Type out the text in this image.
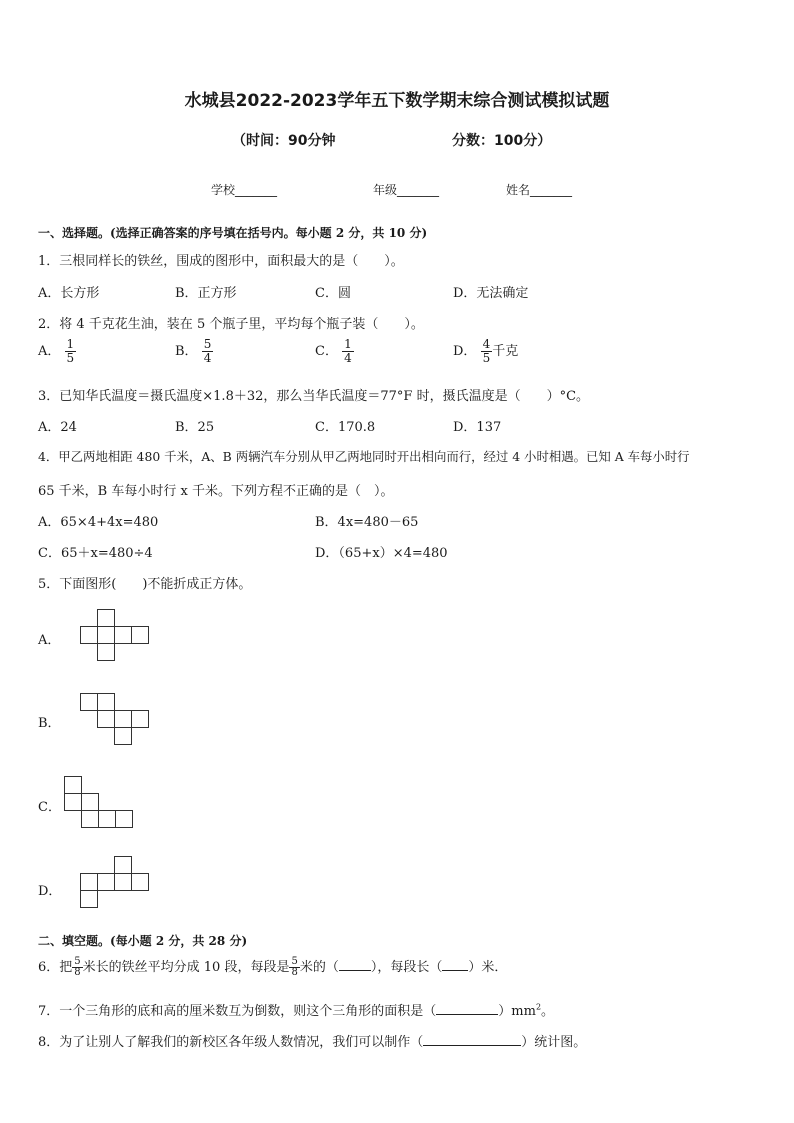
水城县2022-2023学年五下数学期末综合测试模拟试题
（时间：90分钟	分数：100分）
学校_______	年级_______	姓名_______
一、选择题。(选择正确答案的序号填在括号内。每小题 2 分，共 10 分)
1．三根同样长的铁丝，围成的图形中，面积最大的是（　　）。
A．长方形	B．正方形	C．圆	D．无法确定
2．将 4 千克花生油，装在 5 个瓶子里，平均每个瓶子装（　　）。
A． $\frac{1}{5}$	B． $\frac{5}{4}$	C． $\frac{1}{4}$	D． $\frac{4}{5}$ 千克
3．已知华氏温度＝摄氏温度×1.8＋32，那么当华氏温度＝77°F 时，摄氏温度是（　　）°C。
A．24	B．25	C．170.8	D．137
4．甲乙两地相距 480 千米，A、B 两辆汽车分别从甲乙两地同时开出相向而行，经过 4 小时相遇。已知 A 车每小时行
65 千米，B 车每小时行 x 千米。下列方程不正确的是（　）。
A．65×4+4x=480	B．4x=480－65
C．65＋x=480÷4	D．（65+x）×4=480
5．下面图形(　　)不能折成正方体。
A．
B．
C．
D．
二、填空题。(每小题 2 分，共 28 分)
6．把 $\frac{5}{8}$ 米长的铁丝平均分成 10 段，每段是 $\frac{5}{8}$ 米的（ ），每段长（ ）米．
7．一个三角形的底和高的厘米数互为倒数，则这个三角形的面积是（	）$mm^2$。
8．为了让别人了解我们的新校区各年级人数情况，我们可以制作（	）统计图。
